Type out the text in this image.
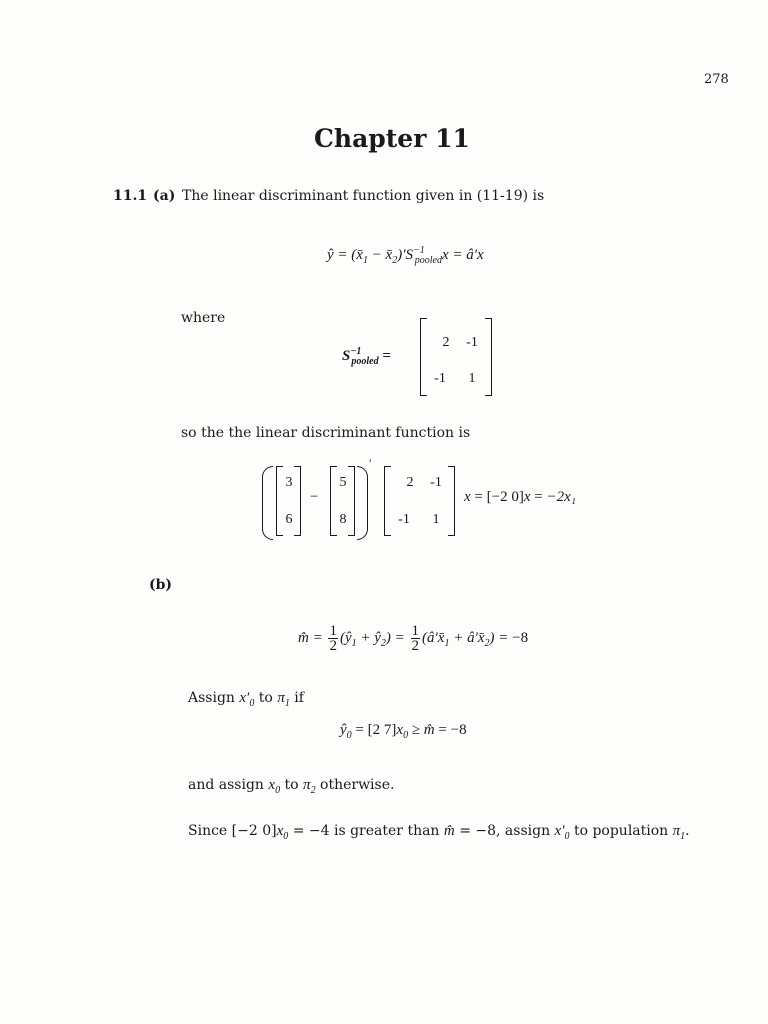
278
Chapter 11
11.1 (a) The linear discriminant function given in (11-19) is
ŷ = ($x̄_1$ − $x̄_2)'S^{-1}_{pooled}x$ = â′x
where
$S^{-1}_{pooled}$ =
2	-1
-1	1
so the the linear discriminant function is
3
6
−
5
8
′
2	-1
-1	1
x = [−2 0]x = −2x₁
(b)
m̂ = $\frac{1}{2}$ ($ŷ_1$ + $ŷ_2) = \frac{1}{2}$ ($â'x̄_1$ + $â'x̄_2) = -8$
Assign $x'_0$ to $\pi_1$ if
$ŷ_0 = [2$ $7]x_0$ ≥ m̂ = −8
and assign $x_0$ to $\pi_2$ otherwise.
Since [−2 $0]x_0 = -4$ is greater than m̂ = −8, assign $x'_0$ to population $\pi_1$.
